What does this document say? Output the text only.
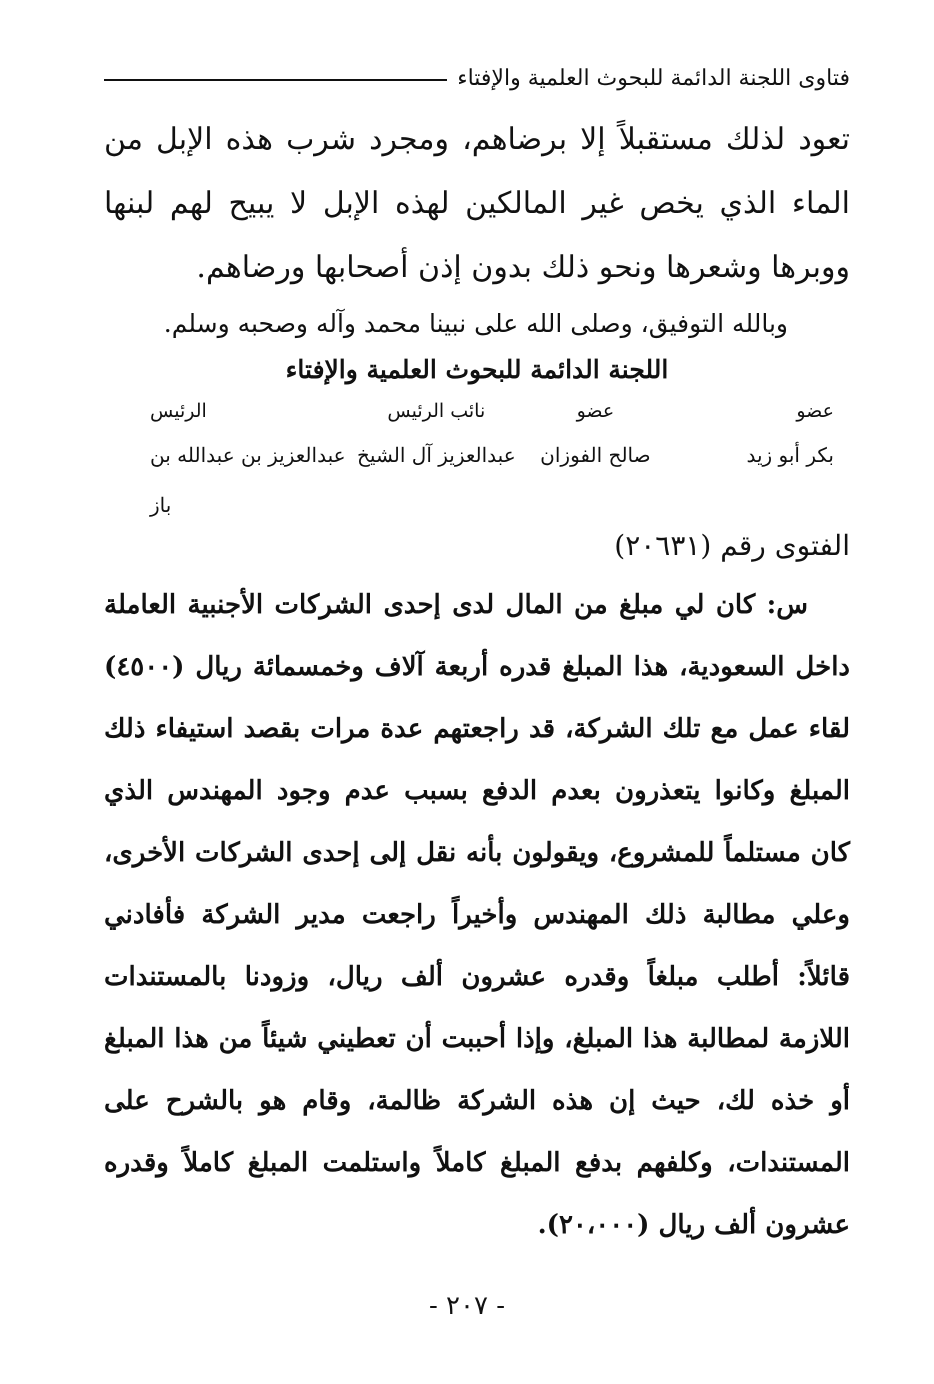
فتاوى اللجنة الدائمة للبحوث العلمية والإفتاء

تعود لذلك مستقبلاً إلا برضاهم، ومجرد شرب هذه الإبل من الماء الذي يخص غير المالكين لهذه الإبل لا يبيح لهم لبنها ووبرها وشعرها ونحو ذلك بدون إذن أصحابها ورضاهم.

وبالله التوفيق، وصلى الله على نبينا محمد وآله وصحبه وسلم.
اللجنة الدائمة للبحوث العلمية والإفتاء
عضو
عضو
نائب الرئيس
الرئيس
بكر أبو زيد
صالح الفوزان
عبدالعزيز آل الشيخ
عبدالعزيز بن عبدالله بن باز
الفتوى رقم (٢٠٦٣١)

س: كان لي مبلغ من المال لدى إحدى الشركات الأجنبية العاملة داخل السعودية، هذا المبلغ قدره أربعة آلاف وخمسمائة ريال (٤٥٠٠) لقاء عمل مع تلك الشركة، قد راجعتهم عدة مرات بقصد استيفاء ذلك المبلغ وكانوا يتعذرون بعدم الدفع بسبب عدم وجود المهندس الذي كان مستلماً للمشروع، ويقولون بأنه نقل إلى إحدى الشركات الأخرى، وعلي مطالبة ذلك المهندس وأخيراً راجعت مدير الشركة فأفادني قائلاً: أطلب مبلغاً وقدره عشرون ألف ريال، وزودنا بالمستندات اللازمة لمطالبة هذا المبلغ، وإذا أحببت أن تعطيني شيئاً من هذا المبلغ أو خذه لك، حيث إن هذه الشركة ظالمة، وقام هو بالشرح على المستندات، وكلفهم بدفع المبلغ كاملاً واستلمت المبلغ كاملاً وقدره عشرون ألف ريال (٢٠،٠٠٠).

- ٢٠٧ -
